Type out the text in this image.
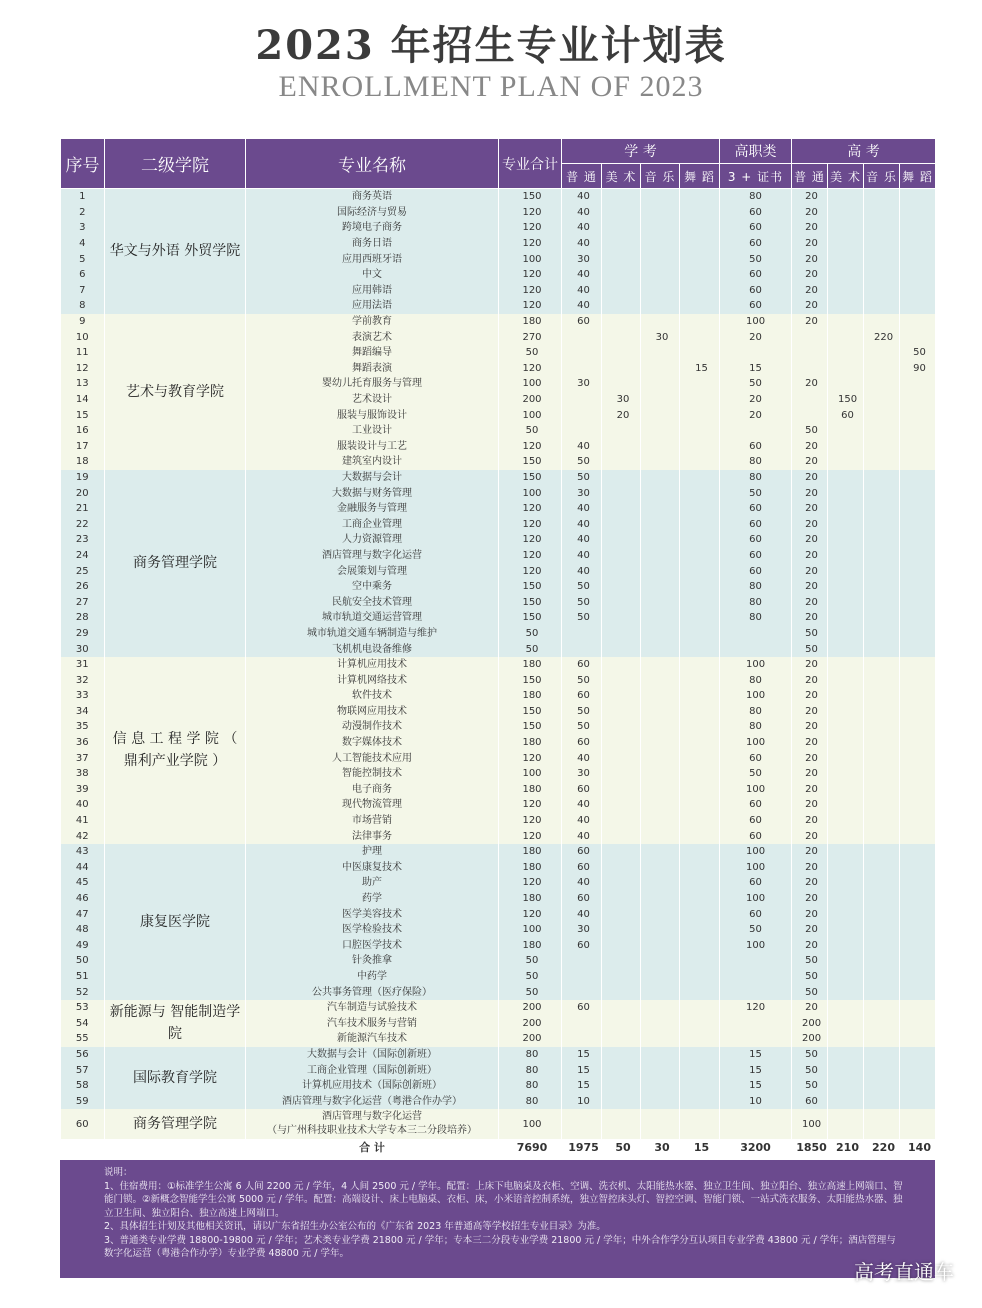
2023 年招生专业计划表
ENROLLMENT PLAN OF 2023
序号	二级学院	专业名称	专业合计	学 考				高职类	高 考			
				普 通	美 术	音 乐	舞 蹈	3 + 证书	普 通	美 术	音 乐	舞 蹈
1	华文与外语 外贸学院	商务英语	150	40				80	20			
2		国际经济与贸易	120	40				60	20			
3		跨境电子商务	120	40				60	20			
4		商务日语	120	40				60	20			
5		应用西班牙语	100	30				50	20			
6		中文	120	40				60	20			
7		应用韩语	120	40				60	20			
8		应用法语	120	40				60	20			
9	艺术与教育学院	学前教育	180	60				100	20			
10		表演艺术	270			30		20			220	
11		舞蹈编导	50									50
12		舞蹈表演	120				15	15				90
13		婴幼儿托育服务与管理	100	30				50	20			
14		艺术设计	200		30			20		150		
15		服装与服饰设计	100		20			20		60		
16		工业设计	50						50			
17		服装设计与工艺	120	40				60	20			
18		建筑室内设计	150	50				80	20			
19	商务管理学院	大数据与会计	150	50				80	20			
20		大数据与财务管理	100	30				50	20			
21		金融服务与管理	120	40				60	20			
22		工商企业管理	120	40				60	20			
23		人力资源管理	120	40				60	20			
24		酒店管理与数字化运营	120	40				60	20			
25		会展策划与管理	120	40				60	20			
26		空中乘务	150	50				80	20			
27		民航安全技术管理	150	50				80	20			
28		城市轨道交通运营管理	150	50				80	20			
29		城市轨道交通车辆制造与维护	50						50			
30		飞机机电设备维修	50						50			
31	信 息 工 程 学 院 （ 鼎利产业学院 ）	计算机应用技术	180	60				100	20			
32		计算机网络技术	150	50				80	20			
33		软件技术	180	60				100	20			
34		物联网应用技术	150	50				80	20			
35		动漫制作技术	150	50				80	20			
36		数字媒体技术	180	60				100	20			
37		人工智能技术应用	120	40				60	20			
38		智能控制技术	100	30				50	20			
39		电子商务	180	60				100	20			
40		现代物流管理	120	40				60	20			
41		市场营销	120	40				60	20			
42		法律事务	120	40				60	20			
43	康复医学院	护理	180	60				100	20			
44		中医康复技术	180	60				100	20			
45		助产	120	40				60	20			
46		药学	180	60				100	20			
47		医学美容技术	120	40				60	20			
48		医学检验技术	100	30				50	20			
49		口腔医学技术	180	60				100	20			
50		针灸推拿	50						50			
51		中药学	50						50			
52		公共事务管理（医疗保险）	50						50			
53	新能源与 智能制造学院	汽车制造与试验技术	200	60				120	20			
54		汽车技术服务与营销	200						200			
55		新能源汽车技术	200						200			
56	国际教育学院	大数据与会计（国际创新班）	80	15				15	50			
57		工商企业管理（国际创新班）	80	15				15	50			
58		计算机应用技术（国际创新班）	80	15				15	50			
59		酒店管理与数字化运营（粤港合作办学）	80	10				10	60			
60	商务管理学院	酒店管理与数字化运营
（与广州科技职业技术大学专本三二分段培养）	100						100			
		合 计	7690	1975	50	30	15	3200	1850	210	220	140

说明：

1、住宿费用：①标准学生公寓 6 人间 2200 元 / 学年，4 人间 2500 元 / 学年。配置：上床下电脑桌及衣柜、空调、洗衣机、太阳能热水器、独立卫生间、独立阳台、独立高速上网端口、智能门锁。②新概念智能学生公寓 5000 元 / 学年。配置：高端设计、床上电脑桌、衣柜、床，小米语音控制系统，独立智控床头灯、智控空调、智能门锁、一站式洗衣服务、太阳能热水器、独立卫生间、独立阳台、独立高速上网端口。

2、具体招生计划及其他相关资讯，请以广东省招生办公室公布的《广东省 2023 年普通高等学校招生专业目录》为准。

3、普通类专业学费 18800-19800 元 / 学年；艺术类专业学费 21800 元 / 学年；专本三二分段专业学费 21800 元 / 学年；中外合作学分互认项目专业学费 43800 元 / 学年；酒店管理与数字化运营（粤港合作办学）专业学费 48800 元 / 学年。

高考直通车
